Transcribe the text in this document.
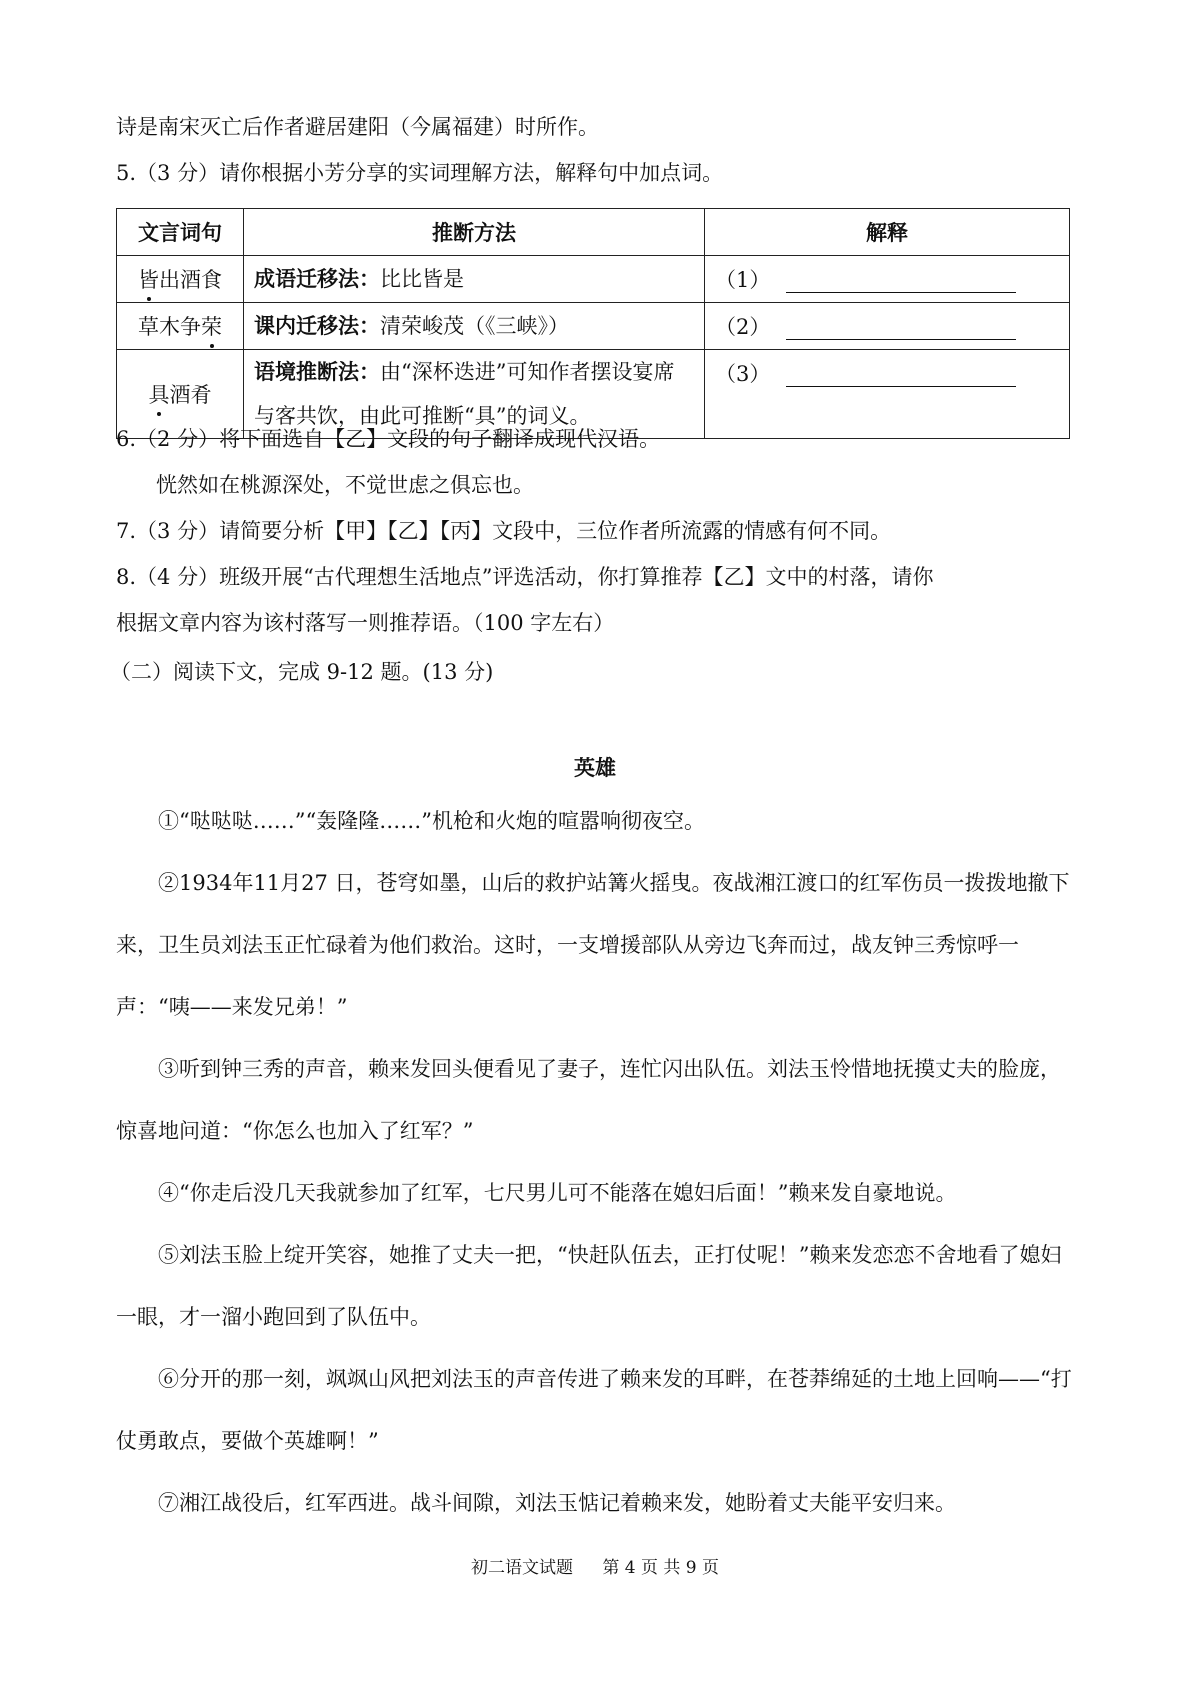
诗是南宋灭亡后作者避居建阳（今属福建）时所作。
5.（3 分）请你根据小芳分享的实词理解方法，解释句中加点词。
文言词句	推断方法	解释
皆出酒食	成语迁移法：比比皆是	（1）
草木争荣	课内迁移法：清荣峻茂（《三峡》）	（2）
具酒肴	语境推断法：由“深杯迭进”可知作者摆设宴席与客共饮，由此可推断“具”的词义。	（3）
6.（2 分）将下面选自【乙】文段的句子翻译成现代汉语。
恍然如在桃源深处，不觉世虑之俱忘也。
7.（3 分）请简要分析【甲】【乙】【丙】文段中，三位作者所流露的情感有何不同。
8.（4 分）班级开展“古代理想生活地点”评选活动，你打算推荐【乙】文中的村落，请你
根据文章内容为该村落写一则推荐语。（100 字左右）
（二）阅读下文，完成 9-12 题。(13 分)
英雄
①“哒哒哒……”“轰隆隆……”机枪和火炮的喧嚣响彻夜空。
②1934年11月27 日，苍穹如墨，山后的救护站篝火摇曳。夜战湘江渡口的红军伤员一拨拨地撤下来，卫生员刘法玉正忙碌着为他们救治。这时，一支增援部队从旁边飞奔而过，战友钟三秀惊呼一声：“咦——来发兄弟！”
③听到钟三秀的声音，赖来发回头便看见了妻子，连忙闪出队伍。刘法玉怜惜地抚摸丈夫的脸庞，惊喜地问道：“你怎么也加入了红军？”
④“你走后没几天我就参加了红军，七尺男儿可不能落在媳妇后面！”赖来发自豪地说。
⑤刘法玉脸上绽开笑容，她推了丈夫一把，“快赶队伍去，正打仗呢！”赖来发恋恋不舍地看了媳妇一眼，才一溜小跑回到了队伍中。
⑥分开的那一刻，飒飒山风把刘法玉的声音传进了赖来发的耳畔，在苍莽绵延的土地上回响——“打仗勇敢点，要做个英雄啊！”
⑦湘江战役后，红军西进。战斗间隙，刘法玉惦记着赖来发，她盼着丈夫能平安归来。
初二语文试题 第 4 页 共 9 页
